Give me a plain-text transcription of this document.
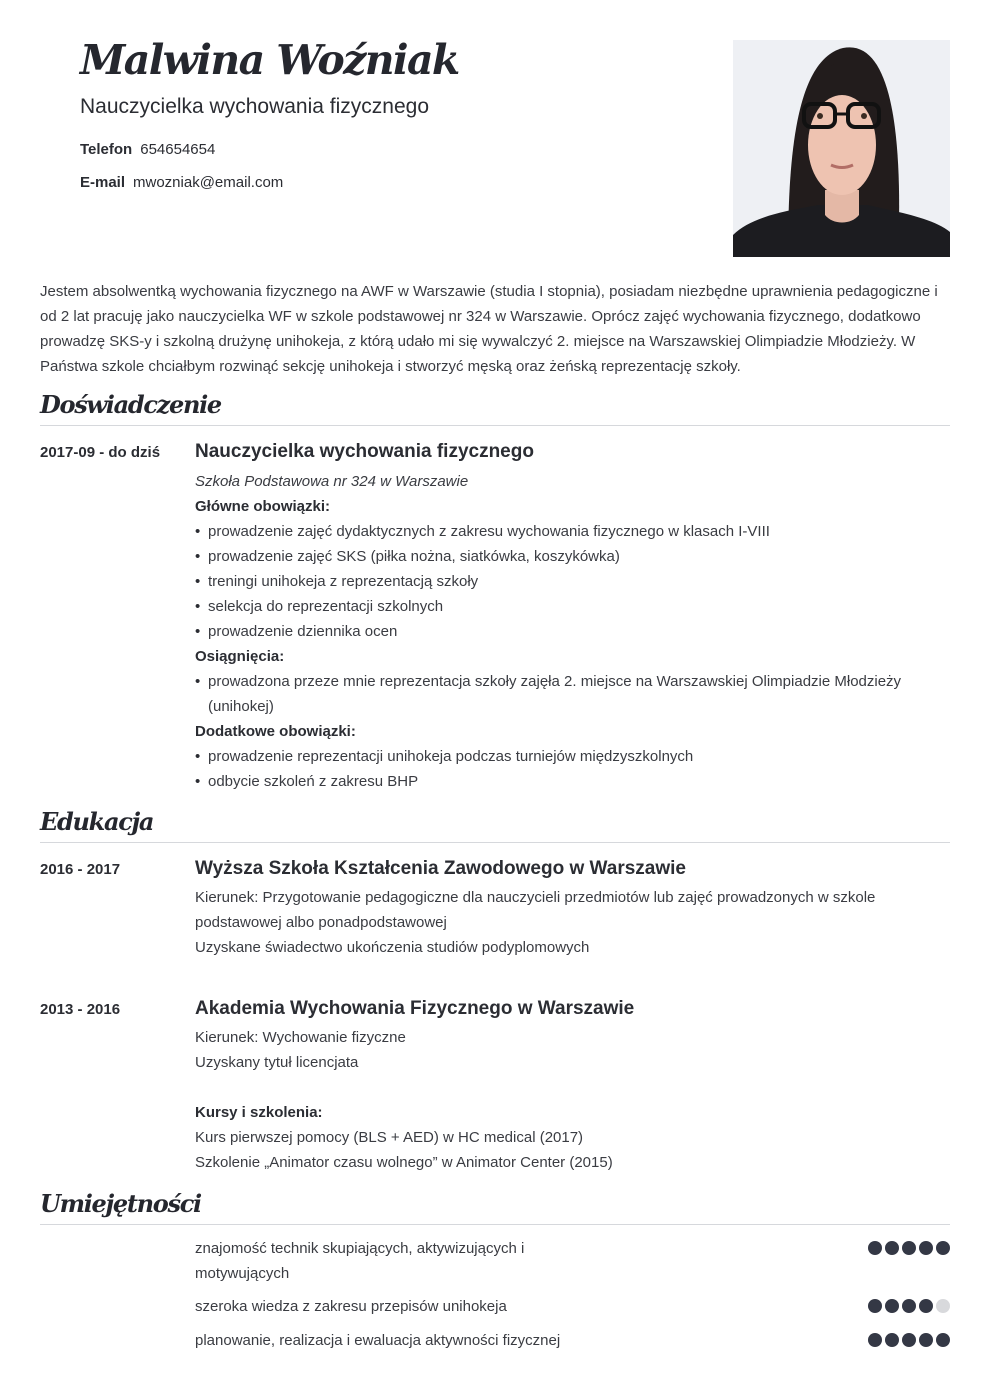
Malwina Woźniak
Nauczycielka wychowania fizycznego
Telefon 654654654
E-mail mwozniak@email.com
Jestem absolwentką wychowania fizycznego na AWF w Warszawie (studia I stopnia), posiadam niezbędne uprawnienia pedagogiczne i od 2 lat pracuję jako nauczycielka WF w szkole podstawowej nr 324 w Warszawie. Oprócz zajęć wychowania fizycznego, dodatkowo prowadzę SKS-y i szkolną drużynę unihokeja, z którą udało mi się wywalczyć 2. miejsce na Warszawskiej Olimpiadzie Młodzieży. W Państwa szkole chciałbym rozwinąć sekcję unihokeja i stworzyć męską oraz żeńską reprezentację szkoły.
Doświadczenie
2017-09 - do dziś Nauczycielka wychowania fizycznego
Szkoła Podstawowa nr 324 w Warszawie
Główne obowiązki:
• prowadzenie zajęć dydaktycznych z zakresu wychowania fizycznego w klasach I-VIII
• prowadzenie zajęć SKS (piłka nożna, siatkówka, koszykówka)
• treningi unihokeja z reprezentacją szkoły
• selekcja do reprezentacji szkolnych
• prowadzenie dziennika ocen
Osiągnięcia:
• prowadzona przeze mnie reprezentacja szkoły zajęła 2. miejsce na Warszawskiej Olimpiadzie Młodzieży (unihokej)
Dodatkowe obowiązki:
• prowadzenie reprezentacji unihokeja podczas turniejów międzyszkolnych
• odbycie szkoleń z zakresu BHP
Edukacja
2016 - 2017	Wyższa Szkoła Kształcenia Zawodowego w Warszawie
Kierunek: Przygotowanie pedagogiczne dla nauczycieli przedmiotów lub zajęć prowadzonych w szkole podstawowej albo ponadpodstawowej
Uzyskane świadectwo ukończenia studiów podyplomowych
2013 - 2016	Akademia Wychowania Fizycznego w Warszawie
Kierunek: Wychowanie fizyczne
Uzyskany tytuł licencjata
Kursy i szkolenia:
Kurs pierwszej pomocy (BLS + AED) w HC medical (2017)
Szkolenie „Animator czasu wolnego” w Animator Center (2015)
Umiejętności
znajomość technik skupiających, aktywizujących i motywujących
szeroka wiedza z zakresu przepisów unihokeja
planowanie, realizacja i ewaluacja aktywności fizycznej
